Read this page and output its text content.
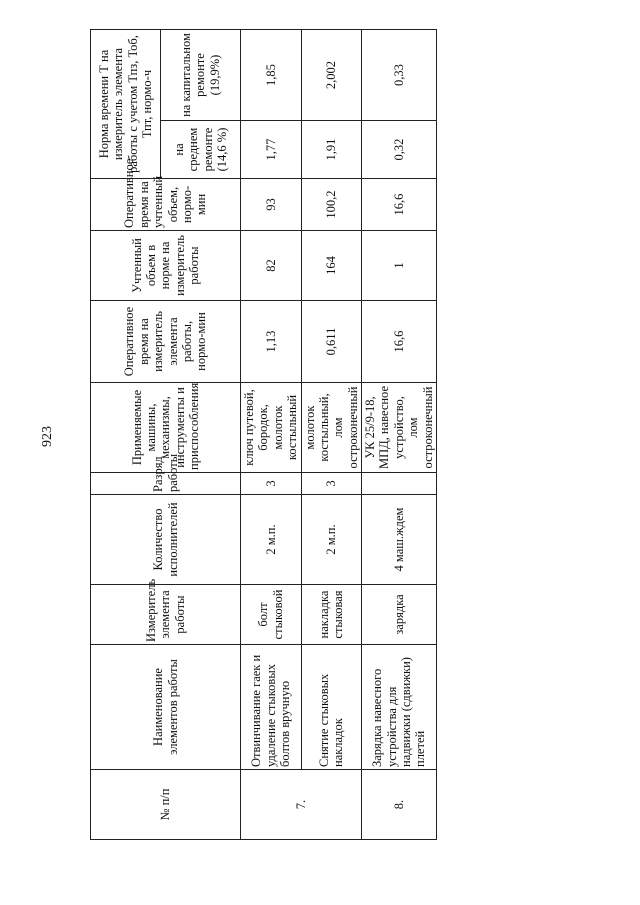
923
№ п/п	Наименование элементов работы	Измеритель элемента работы	Количество исполнителей	Разряд работы	Применяемые машины, механизмы, инструменты и приспособления	Оперативное время на измеритель элемента работы, нормо-мин	Учтенный объем в норме на измеритель работы	Оперативное время на учтенный объем, нормо-мин	Норма времени Т на измеритель элемента работы с учетом Тпз, Тоб, Тпт, нормо-ч	
									на среднем ремонте (14,6 %)	на капитальном ремонте (19,9%)
7.	Отвинчивание гаек и удаление стыковых болтов вручную	болт стыковой	2 м.п.	3	ключ путевой, бородок, молоток костыльный	1,13	82	93	1,77	1,85
	Снятие стыковых накладок	накладка стыковая	2 м.п.	3	молоток костыльный, лом остроконечный	0,611	164	100,2	1,91	2,002
8.	Зарядка навесного устройства для надвижки (сдвижки) плетей	зарядка	4 маш.ждем		УК 25/9-18, МПД, навесное устройство, лом остроконечный	16,6	1	16,6	0,32	0,33
